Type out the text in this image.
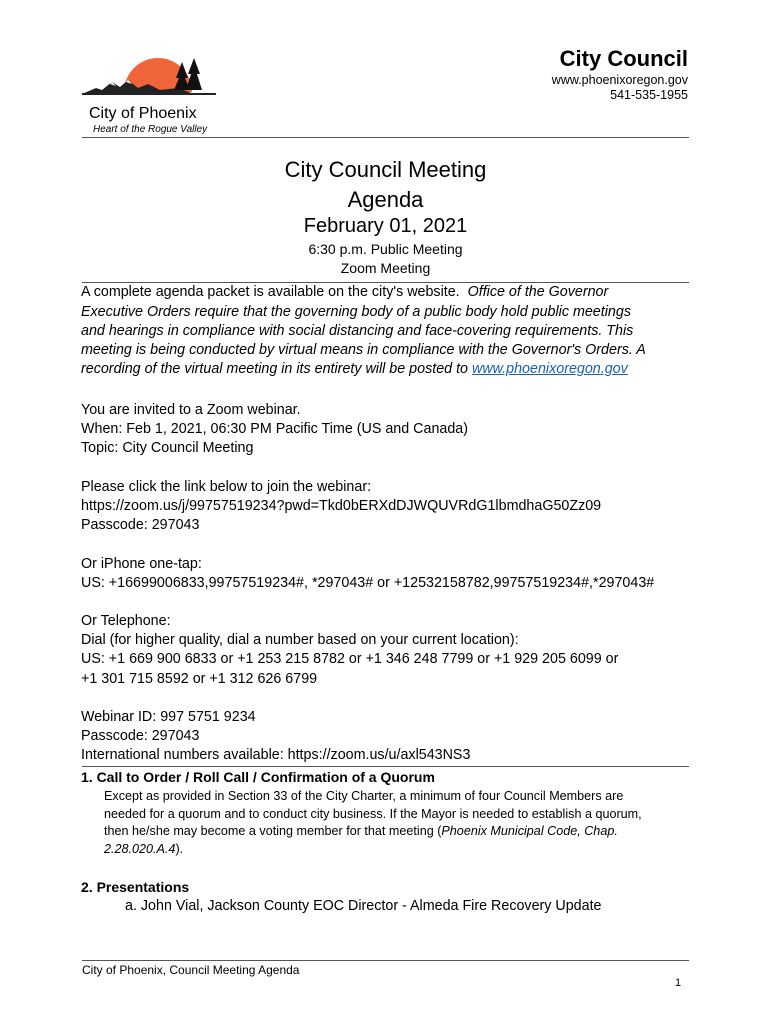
City Council
www.phoenixoregon.gov
541-535-1955
City of Phoenix
Heart of the Rogue Valley
City Council Meeting
Agenda
February 01, 2021
6:30 p.m. Public Meeting
Zoom Meeting
A complete agenda packet is available on the city's website. Office of the Governor
Executive Orders require that the governing body of a public body hold public meetings
and hearings in compliance with social distancing and face-covering requirements. This
meeting is being conducted by virtual means in compliance with the Governor's Orders. A
recording of the virtual meeting in its entirety will be posted to www.phoenixoregon.gov
You are invited to a Zoom webinar.
When: Feb 1, 2021, 06:30 PM Pacific Time (US and Canada)
Topic: City Council Meeting
Please click the link below to join the webinar:
https://zoom.us/j/99757519234?pwd=Tkd0bERXdDJWQUVRdG1lbmdhaG50Zz09
Passcode: 297043
Or iPhone one-tap:
US: +16699006833,99757519234#, *297043# or +12532158782,99757519234#,*297043#
Or Telephone:
Dial (for higher quality, dial a number based on your current location):
US: +1 669 900 6833 or +1 253 215 8782 or +1 346 248 7799 or +1 929 205 6099 or
+1 301 715 8592 or +1 312 626 6799
Webinar ID: 997 5751 9234
Passcode: 297043
International numbers available: https://zoom.us/u/axl543NS3
1. Call to Order / Roll Call / Confirmation of a Quorum
Except as provided in Section 33 of the City Charter, a minimum of four Council Members are
needed for a quorum and to conduct city business. If the Mayor is needed to establish a quorum,
then he/she may become a voting member for that meeting (Phoenix Municipal Code, Chap.
2.28.020.A.4).
2. Presentations
a. John Vial, Jackson County EOC Director - Almeda Fire Recovery Update
City of Phoenix, Council Meeting Agenda
1
